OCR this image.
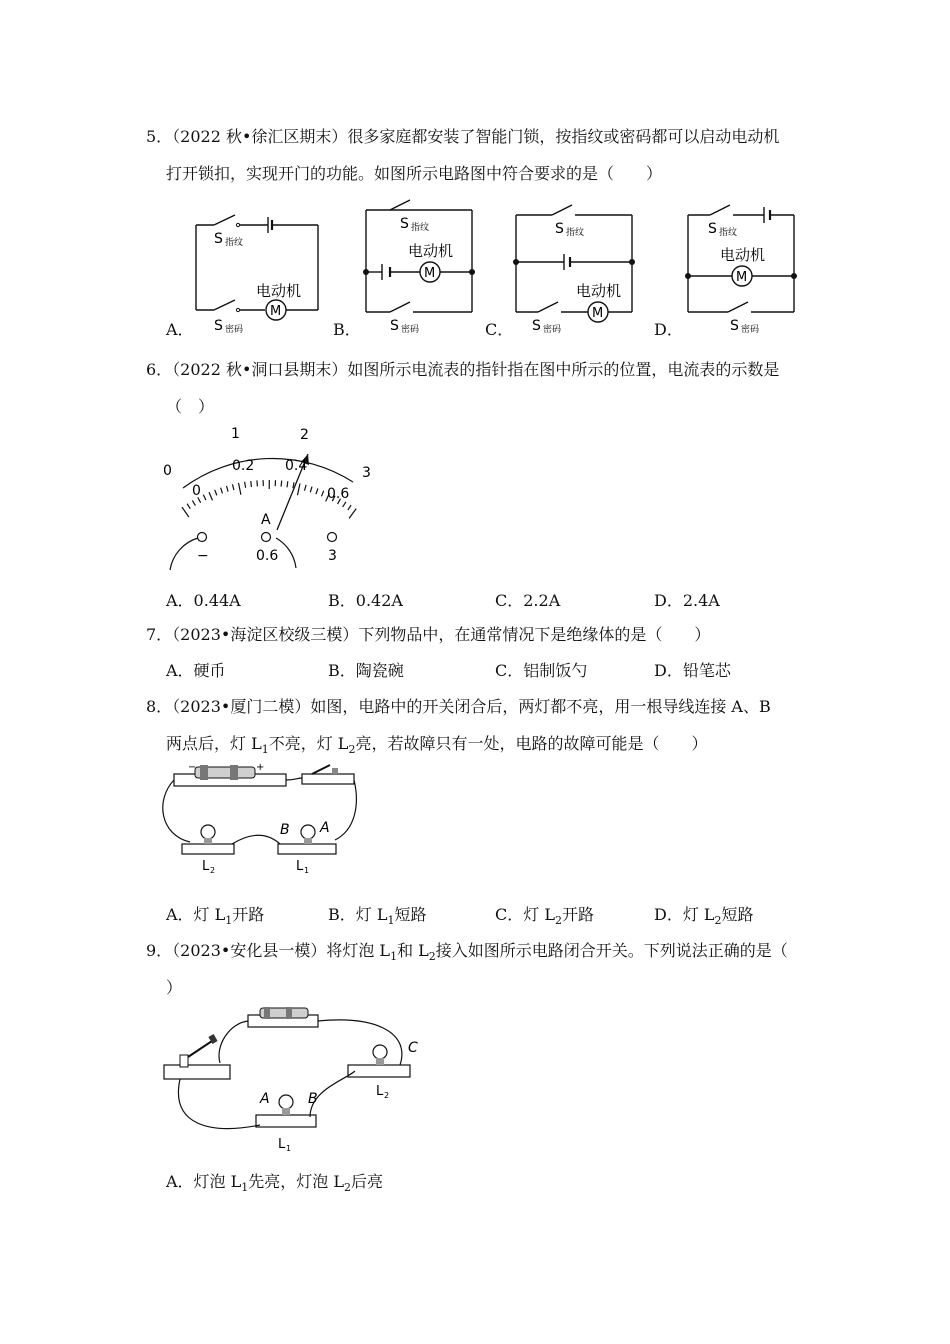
5．（2022 秋•徐汇区期末）很多家庭都安装了智能门锁，按指纹或密码都可以启动电动机
打开锁扣，实现开门的功能。如图所示电路图中符合要求的是（　　）
A．	B．	C．	D．
S 指纹
S 密码
电动机
M
S 指纹
电动机
M
S 密码
S 指纹
电动机
M
S 密码
S 指纹
电动机
M
S 密码
6．（2022 秋•洞口县期末）如图所示电流表的指针指在图中所示的位置，电流表的示数是
（　）
0
1	2
3
0
0.2 0.4
0.6
A
−	0.6	3
A．0.44A	B．0.42A	C．2.2A	D．2.4A
7．（2023•海淀区校级三模）下列物品中，在通常情况下是绝缘体的是（　　）
A．硬币	B．陶瓷碗	C．铝制饭勺	D．铅笔芯
8．（2023•厦门二模）如图，电路中的开关闭合后，两灯都不亮，用一根导线连接 A、B
两点后，灯 $L_1$不亮，灯 $L_2$亮，若故障只有一处，电路的故障可能是（　　）
−	+
B A
L 2	L 1
A．灯 $L_1$开路	B．灯 $L_1$短路	C．灯 $L_2$开路	D．灯 $L_2$短路
9．（2023•安化县一模）将灯泡 $L_1$和 $L_2$接入如图所示电路闭合开关。下列说法正确的是（
）
A	B
C
L 2
L 1
A．灯泡 $L_1$先亮，灯泡 $L_2$后亮
